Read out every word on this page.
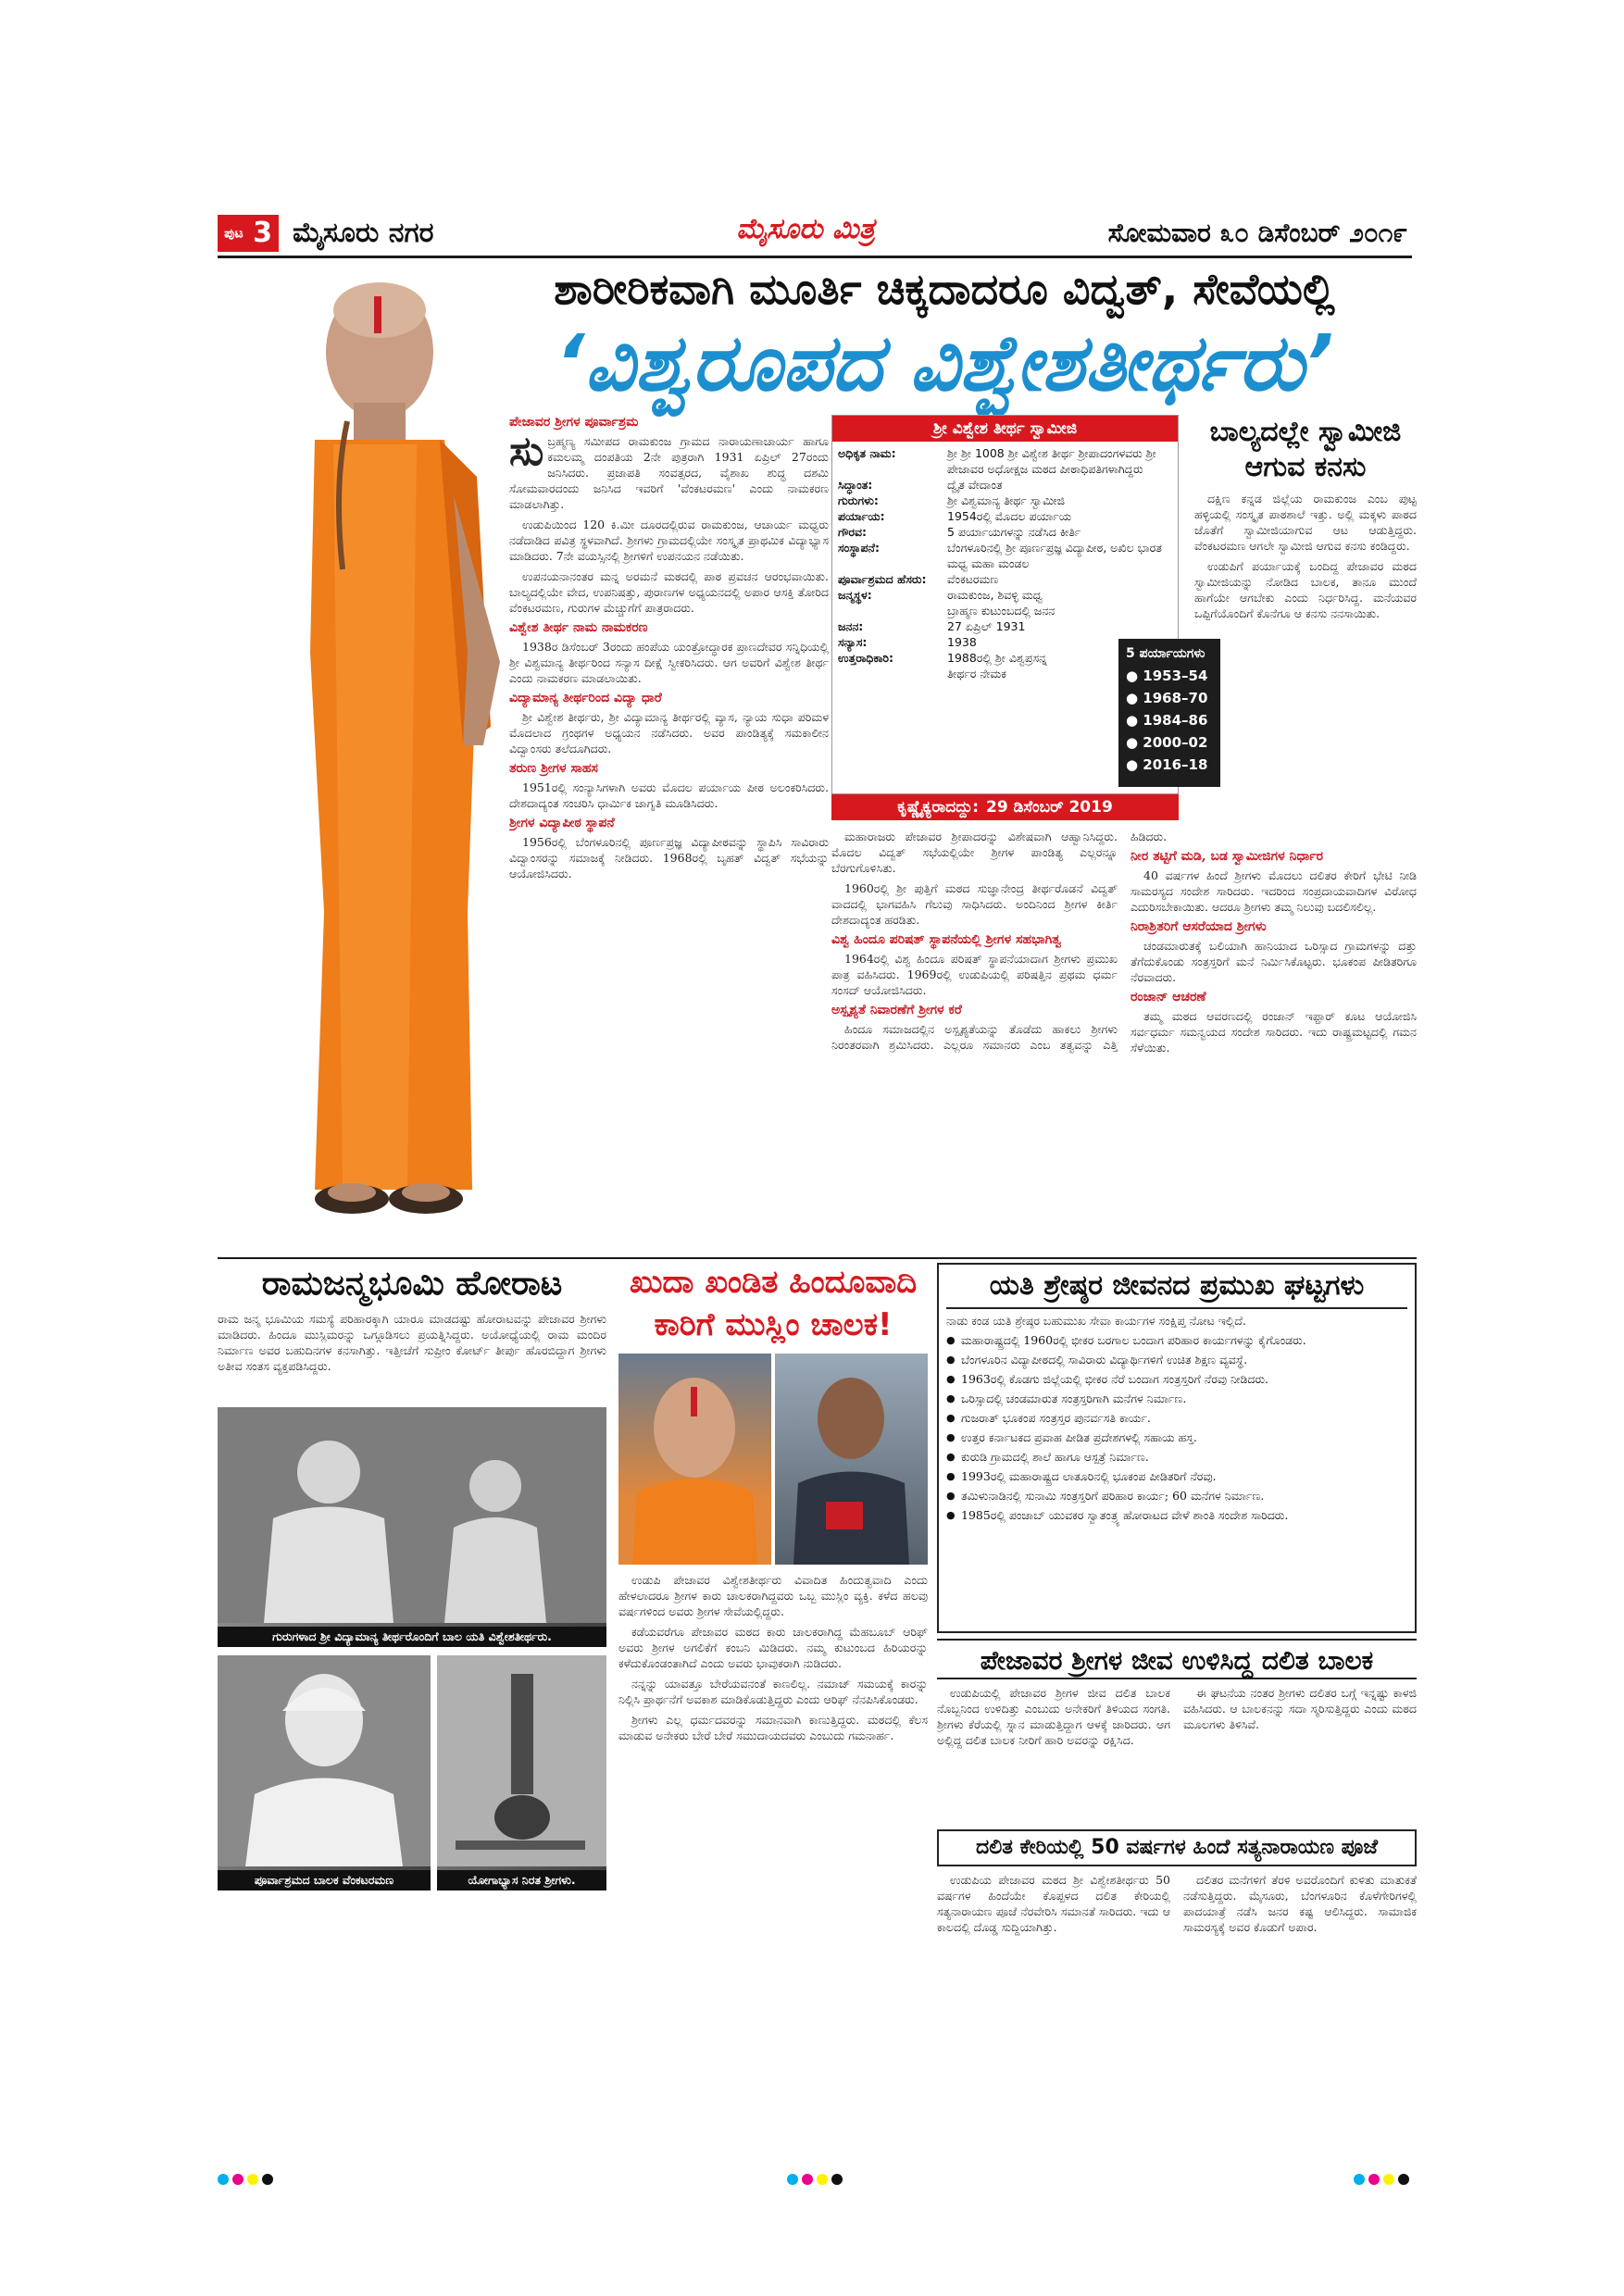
ಪುಟ 3 ಮೈಸೂರು ನಗರ	ಮೈಸೂರು ಮಿತ್ರ	ಸೋಮವಾರ ೩೦ ಡಿಸೆಂಬರ್ ೨೦೧೯
ಶಾರೀರಿಕವಾಗಿ ಮೂರ್ತಿ ಚಿಕ್ಕದಾದರೂ ವಿದ್ವತ್, ಸೇವೆಯಲ್ಲಿ
‘ವಿಶ್ವರೂಪದ ವಿಶ್ವೇಶತೀರ್ಥರು’
ಪೇಜಾವರ ಶ್ರೀಗಳ ಪೂರ್ವಾಶ್ರಮ

ಸುಬ್ರಹ್ಮಣ್ಯ ಸಮೀಪದ ರಾಮಕುಂಜ ಗ್ರಾಮದ ನಾರಾಯಣಾಚಾರ್ಯ ಹಾಗೂ ಕಮಲಮ್ಮ ದಂಪತಿಯ 2ನೇ ಪುತ್ರರಾಗಿ 1931 ಏಪ್ರಿಲ್ 27ರಂದು ಜನಿಸಿದರು. ಪ್ರಜಾಪತಿ ಸಂವತ್ಸರದ, ವೈಶಾಖ ಶುದ್ಧ ದಶಮಿ ಸೋಮವಾರದಂದು ಜನಿಸಿದ ಇವರಿಗೆ 'ವೆಂಕಟರಮಣ' ಎಂದು ನಾಮಕರಣ ಮಾಡಲಾಗಿತ್ತು.

ಉಡುಪಿಯಿಂದ 120 ಕಿ.ಮೀ ದೂರದಲ್ಲಿರುವ ರಾಮಕುಂಜ, ಆಚಾರ್ಯ ಮಧ್ವರು ನಡೆದಾಡಿದ ಪವಿತ್ರ ಸ್ಥಳವಾಗಿದೆ. ಶ್ರೀಗಳು ಗ್ರಾಮದಲ್ಲಿಯೇ ಸಂಸ್ಕೃತ ಪ್ರಾಥಮಿಕ ವಿದ್ಯಾಭ್ಯಾಸ ಮಾಡಿದರು. 7ನೇ ವಯಸ್ಸಿನಲ್ಲಿ ಶ್ರೀಗಳಿಗೆ ಉಪನಯನ ನಡೆಯಿತು.

ಉಪನಯನಾನಂತರ ಮನ್ನ ಅರಮನೆ ಮಠದಲ್ಲಿ ಪಾಠ ಪ್ರವಚನ ಆರಂಭವಾಯಿತು. ಬಾಲ್ಯದಲ್ಲಿಯೇ ವೇದ, ಉಪನಿಷತ್ತು, ಪುರಾಣಗಳ ಅಧ್ಯಯನದಲ್ಲಿ ಅಪಾರ ಆಸಕ್ತಿ ತೋರಿದ ವೆಂಕಟರಮಣ, ಗುರುಗಳ ಮೆಚ್ಚುಗೆಗೆ ಪಾತ್ರರಾದರು.

ವಿಶ್ವೇಶ ತೀರ್ಥ ನಾಮ ನಾಮಕರಣ

1938ರ ಡಿಸೆಂಬರ್ 3ರಂದು ಹಂಪೆಯ ಯಂತ್ರೋದ್ಧಾರಕ ಪ್ರಾಣದೇವರ ಸನ್ನಿಧಿಯಲ್ಲಿ ಶ್ರೀ ವಿಶ್ವಮಾನ್ಯ ತೀರ್ಥರಿಂದ ಸನ್ಯಾಸ ದೀಕ್ಷೆ ಸ್ವೀಕರಿಸಿದರು. ಆಗ ಅವರಿಗೆ ವಿಶ್ವೇಶ ತೀರ್ಥ ಎಂದು ನಾಮಕರಣ ಮಾಡಲಾಯಿತು.

ವಿದ್ಯಾಮಾನ್ಯ ತೀರ್ಥರಿಂದ ವಿದ್ಯಾ ಧಾರೆ

ಶ್ರೀ ವಿಶ್ವೇಶ ತೀರ್ಥರು, ಶ್ರೀ ವಿದ್ಯಾಮಾನ್ಯ ತೀರ್ಥರಲ್ಲಿ ವ್ಯಾಸ, ನ್ಯಾಯ ಸುಧಾ ಪರಿಮಳ ಮೊದಲಾದ ಗ್ರಂಥಗಳ ಅಧ್ಯಯನ ನಡೆಸಿದರು. ಅವರ ಪಾಂಡಿತ್ಯಕ್ಕೆ ಸಮಕಾಲೀನ ವಿದ್ವಾಂಸರು ತಲೆದೂಗಿದರು.

ತರುಣ ಶ್ರೀಗಳ ಸಾಹಸ

1951ರಲ್ಲಿ ಸಂನ್ಯಾಸಿಗಳಾಗಿ ಅವರು ಮೊದಲ ಪರ್ಯಾಯ ಪೀಠ ಅಲಂಕರಿಸಿದರು. ದೇಶದಾದ್ಯಂತ ಸಂಚರಿಸಿ ಧಾರ್ಮಿಕ ಜಾಗೃತಿ ಮೂಡಿಸಿದರು.

ಶ್ರೀಗಳ ವಿದ್ಯಾಪೀಠ ಸ್ಥಾಪನೆ

1956ರಲ್ಲಿ ಬೆಂಗಳೂರಿನಲ್ಲಿ ಪೂರ್ಣಪ್ರಜ್ಞ ವಿದ್ಯಾಪೀಠವನ್ನು ಸ್ಥಾಪಿಸಿ ಸಾವಿರಾರು ವಿದ್ವಾಂಸರನ್ನು ಸಮಾಜಕ್ಕೆ ನೀಡಿದರು. 1968ರಲ್ಲಿ ಬೃಹತ್ ವಿದ್ವತ್ ಸಭೆಯನ್ನು ಆಯೋಜಿಸಿದರು.

ಶ್ರೀ ವಿಶ್ವೇಶ ತೀರ್ಥ ಸ್ವಾಮೀಜಿ
ಅಧಿಕೃತ ನಾಮ:	ಶ್ರೀ ಶ್ರೀ 1008 ಶ್ರೀ ವಿಶ್ವೇಶ ತೀರ್ಥ ಶ್ರೀಪಾದಂಗಳವರು ಶ್ರೀ ಪೇಜಾವರ ಅಧೋಕ್ಷಜ ಮಠದ ಪೀಠಾಧಿಪತಿಗಳಾಗಿದ್ದರು
ಸಿದ್ಧಾಂತ:	ದ್ವೈತ ವೇದಾಂತ
ಗುರುಗಳು:	ಶ್ರೀ ವಿಶ್ವಮಾನ್ಯ ತೀರ್ಥ ಸ್ವಾಮೀಜಿ
ಪರ್ಯಾಯ:	1954ರಲ್ಲಿ ಮೊದಲ ಪರ್ಯಾಯ
ಗೌರವ:	5 ಪರ್ಯಾಯಗಳನ್ನು ನಡೆಸಿದ ಕೀರ್ತಿ
ಸಂಸ್ಥಾಪನೆ:	ಬೆಂಗಳೂರಿನಲ್ಲಿ ಶ್ರೀ ಪೂರ್ಣಪ್ರಜ್ಞ ವಿದ್ಯಾಪೀಠ, ಅಖಿಲ ಭಾರತ ಮಧ್ವ ಮಹಾ ಮಂಡಲ
ಪೂರ್ವಾಶ್ರಮದ ಹೆಸರು:	ವೆಂಕಟರಮಣ
ಜನ್ಮಸ್ಥಳ:	ರಾಮಕುಂಜ, ಶಿವಳ್ಳಿ ಮಧ್ವ ಬ್ರಾಹ್ಮಣ ಕುಟುಂಬದಲ್ಲಿ ಜನನ
ಜನನ:	27 ಏಪ್ರಿಲ್ 1931
ಸನ್ಯಾಸ:	1938
ಉತ್ತರಾಧಿಕಾರಿ:	1988ರಲ್ಲಿ ಶ್ರೀ ವಿಶ್ವಪ್ರಸನ್ನ ತೀರ್ಥರ ನೇಮಕ
ಕೃಷ್ಣೈಕ್ಯರಾದದ್ದು: 29 ಡಿಸೆಂಬರ್ 2019
5 ಪರ್ಯಾಯಗಳು
● 1953–54
● 1968–70
● 1984–86
● 2000–02
● 2016–18
ಬಾಲ್ಯದಲ್ಲೇ ಸ್ವಾಮೀಜಿ ಆಗುವ ಕನಸು

ದಕ್ಷಿಣ ಕನ್ನಡ ಜಿಲ್ಲೆಯ ರಾಮಕುಂಜ ಎಂಬ ಪುಟ್ಟ ಹಳ್ಳಿಯಲ್ಲಿ ಸಂಸ್ಕೃತ ಪಾಠಶಾಲೆ ಇತ್ತು. ಅಲ್ಲಿ ಮಕ್ಕಳು ಪಾಠದ ಜೊತೆಗೆ ಸ್ವಾಮೀಜಿಯಾಗುವ ಆಟ ಆಡುತ್ತಿದ್ದರು. ವೆಂಕಟರಮಣ ಆಗಲೇ ಸ್ವಾಮೀಜಿ ಆಗುವ ಕನಸು ಕಂಡಿದ್ದರು.

ಉಡುಪಿಗೆ ಪರ್ಯಾಯಕ್ಕೆ ಬಂದಿದ್ದ ಪೇಜಾವರ ಮಠದ ಸ್ವಾಮೀಜಿಯನ್ನು ನೋಡಿದ ಬಾಲಕ, ತಾನೂ ಮುಂದೆ ಹಾಗೆಯೇ ಆಗಬೇಕು ಎಂದು ನಿರ್ಧರಿಸಿದ್ದ. ಮನೆಯವರ ಒಪ್ಪಿಗೆಯೊಂದಿಗೆ ಕೊನೆಗೂ ಆ ಕನಸು ನನಸಾಯಿತು.

ಮಹಾರಾಜರು ಪೇಜಾವರ ಶ್ರೀಪಾದರನ್ನು ವಿಶೇಷವಾಗಿ ಆಹ್ವಾನಿಸಿದ್ದರು. ಮೊದಲ ವಿದ್ವತ್ ಸಭೆಯಲ್ಲಿಯೇ ಶ್ರೀಗಳ ಪಾಂಡಿತ್ಯ ಎಲ್ಲರನ್ನೂ ಬೆರಗುಗೊಳಿಸಿತು.

1960ರಲ್ಲಿ ಶ್ರೀ ಪುತ್ತಿಗೆ ಮಠದ ಸುಜ್ಞಾನೇಂದ್ರ ತೀರ್ಥರೊಡನೆ ವಿದ್ವತ್ ವಾದದಲ್ಲಿ ಭಾಗವಹಿಸಿ ಗೆಲುವು ಸಾಧಿಸಿದರು. ಅಂದಿನಿಂದ ಶ್ರೀಗಳ ಕೀರ್ತಿ ದೇಶದಾದ್ಯಂತ ಹರಡಿತು.

ವಿಶ್ವ ಹಿಂದೂ ಪರಿಷತ್ ಸ್ಥಾಪನೆಯಲ್ಲಿ ಶ್ರೀಗಳ ಸಹಭಾಗಿತ್ವ

1964ರಲ್ಲಿ ವಿಶ್ವ ಹಿಂದೂ ಪರಿಷತ್ ಸ್ಥಾಪನೆಯಾದಾಗ ಶ್ರೀಗಳು ಪ್ರಮುಖ ಪಾತ್ರ ವಹಿಸಿದರು. 1969ರಲ್ಲಿ ಉಡುಪಿಯಲ್ಲಿ ಪರಿಷತ್ತಿನ ಪ್ರಥಮ ಧರ್ಮ ಸಂಸದ್ ಆಯೋಜಿಸಿದರು.

ಅಸ್ಪೃಶ್ಯತೆ ನಿವಾರಣೆಗೆ ಶ್ರೀಗಳ ಕರೆ

ಹಿಂದೂ ಸಮಾಜದಲ್ಲಿನ ಅಸ್ಪೃಶ್ಯತೆಯನ್ನು ತೊಡೆದು ಹಾಕಲು ಶ್ರೀಗಳು ನಿರಂತರವಾಗಿ ಶ್ರಮಿಸಿದರು. ಎಲ್ಲರೂ ಸಮಾನರು ಎಂಬ ತತ್ವವನ್ನು ಎತ್ತಿ ಹಿಡಿದರು.

ನೀರ ತಟ್ಟಿಗೆ ಮಡಿ, ಬಡ ಸ್ವಾಮೀಜಿಗಳ ನಿರ್ಧಾರ

40 ವರ್ಷಗಳ ಹಿಂದೆ ಶ್ರೀಗಳು ಮೊದಲು ದಲಿತರ ಕೇರಿಗೆ ಭೇಟಿ ನೀಡಿ ಸಾಮರಸ್ಯದ ಸಂದೇಶ ಸಾರಿದರು. ಇದರಿಂದ ಸಂಪ್ರದಾಯವಾದಿಗಳ ವಿರೋಧ ಎದುರಿಸಬೇಕಾಯಿತು. ಆದರೂ ಶ್ರೀಗಳು ತಮ್ಮ ನಿಲುವು ಬದಲಿಸಲಿಲ್ಲ.

ನಿರಾಶ್ರಿತರಿಗೆ ಆಸರೆಯಾದ ಶ್ರೀಗಳು

ಚಂಡಮಾರುತಕ್ಕೆ ಬಲಿಯಾಗಿ ಹಾನಿಯಾದ ಒರಿಸ್ಸಾದ ಗ್ರಾಮಗಳನ್ನು ದತ್ತು ತೆಗೆದುಕೊಂಡು ಸಂತ್ರಸ್ತರಿಗೆ ಮನೆ ನಿರ್ಮಿಸಿಕೊಟ್ಟರು. ಭೂಕಂಪ ಪೀಡಿತರಿಗೂ ನೆರವಾದರು.

ರಂಜಾನ್ ಆಚರಣೆ

ತಮ್ಮ ಮಠದ ಆವರಣದಲ್ಲಿ ರಂಜಾನ್ ಇಫ್ತಾರ್ ಕೂಟ ಆಯೋಜಿಸಿ ಸರ್ವಧರ್ಮ ಸಮನ್ವಯದ ಸಂದೇಶ ಸಾರಿದರು. ಇದು ರಾಷ್ಟ್ರಮಟ್ಟದಲ್ಲಿ ಗಮನ ಸೆಳೆಯಿತು.

ರಾಮಜನ್ಮಭೂಮಿ ಹೋರಾಟ

ರಾಮ ಜನ್ಮ ಭೂಮಿಯ ಸಮಸ್ಯೆ ಪರಿಹಾರಕ್ಕಾಗಿ ಯಾರೂ ಮಾಡದಷ್ಟು ಹೋರಾಟವನ್ನು ಪೇಜಾವರ ಶ್ರೀಗಳು ಮಾಡಿದರು. ಹಿಂದೂ ಮುಸ್ಲಿಮರನ್ನು ಒಗ್ಗೂಡಿಸಲು ಪ್ರಯತ್ನಿಸಿದ್ದರು. ಅಯೋಧ್ಯೆಯಲ್ಲಿ ರಾಮ ಮಂದಿರ ನಿರ್ಮಾಣ ಅವರ ಬಹುದಿನಗಳ ಕನಸಾಗಿತ್ತು. ಇತ್ತೀಚೆಗೆ ಸುಪ್ರೀಂ ಕೋರ್ಟ್ ತೀರ್ಪು ಹೊರಬಿದ್ದಾಗ ಶ್ರೀಗಳು ಅತೀವ ಸಂತಸ ವ್ಯಕ್ತಪಡಿಸಿದ್ದರು.

ಗುರುಗಳಾದ ಶ್ರೀ ವಿದ್ಯಾಮಾನ್ಯ ತೀರ್ಥರೊಂದಿಗೆ ಬಾಲ ಯತಿ ವಿಶ್ವೇಶತೀರ್ಥರು.
ಪೂರ್ವಾಶ್ರಮದ ಬಾಲಕ ವೆಂಕಟರಮಣ	ಯೋಗಾಭ್ಯಾಸ ನಿರತ ಶ್ರೀಗಳು.
ಖುದಾ ಖಂಡಿತ ಹಿಂದೂವಾದಿ ಕಾರಿಗೆ ಮುಸ್ಲಿಂ ಚಾಲಕ!

ಉಡುಪಿ ಪೇಜಾವರ ವಿಶ್ವೇಶತೀರ್ಥರು ವಿವಾದಿತ ಹಿಂದುತ್ವವಾದಿ ಎಂದು ಹೇಳಲಾದರೂ ಶ್ರೀಗಳ ಕಾರು ಚಾಲಕರಾಗಿದ್ದವರು ಒಬ್ಬ ಮುಸ್ಲಿಂ ವ್ಯಕ್ತಿ. ಕಳೆದ ಹಲವು ವರ್ಷಗಳಿಂದ ಅವರು ಶ್ರೀಗಳ ಸೇವೆಯಲ್ಲಿದ್ದರು.

ಕಡೆಯವರೆಗೂ ಪೇಜಾವರ ಮಠದ ಕಾರು ಚಾಲಕರಾಗಿದ್ದ ಮೆಹಬೂಬ್ ಆರಿಫ್ ಅವರು ಶ್ರೀಗಳ ಅಗಲಿಕೆಗೆ ಕಂಬನಿ ಮಿಡಿದರು. ನಮ್ಮ ಕುಟುಂಬದ ಹಿರಿಯರನ್ನು ಕಳೆದುಕೊಂಡಂತಾಗಿದೆ ಎಂದು ಅವರು ಭಾವುಕರಾಗಿ ನುಡಿದರು.

ನನ್ನನ್ನು ಯಾವತ್ತೂ ಬೇರೆಯವನಂತೆ ಕಾಣಲಿಲ್ಲ. ನಮಾಜ್ ಸಮಯಕ್ಕೆ ಕಾರನ್ನು ನಿಲ್ಲಿಸಿ ಪ್ರಾರ್ಥನೆಗೆ ಅವಕಾಶ ಮಾಡಿಕೊಡುತ್ತಿದ್ದರು ಎಂದು ಆರಿಫ್ ನೆನಪಿಸಿಕೊಂಡರು.

ಶ್ರೀಗಳು ಎಲ್ಲ ಧರ್ಮದವರನ್ನು ಸಮಾನವಾಗಿ ಕಾಣುತ್ತಿದ್ದರು. ಮಠದಲ್ಲಿ ಕೆಲಸ ಮಾಡುವ ಅನೇಕರು ಬೇರೆ ಬೇರೆ ಸಮುದಾಯದವರು ಎಂಬುದು ಗಮನಾರ್ಹ.

ಯತಿ ಶ್ರೇಷ್ಠರ ಜೀವನದ ಪ್ರಮುಖ ಘಟ್ಟಗಳು
ನಾಡು ಕಂಡ ಯತಿ ಶ್ರೇಷ್ಠರ ಬಹುಮುಖ ಸೇವಾ ಕಾರ್ಯಗಳ ಸಂಕ್ಷಿಪ್ತ ನೋಟ ಇಲ್ಲಿದೆ.
● ಮಹಾರಾಷ್ಟ್ರದಲ್ಲಿ 1960ರಲ್ಲಿ ಭೀಕರ ಬರಗಾಲ ಬಂದಾಗ ಪರಿಹಾರ ಕಾರ್ಯಗಳನ್ನು ಕೈಗೊಂಡರು.
● ಬೆಂಗಳೂರಿನ ವಿದ್ಯಾಪೀಠದಲ್ಲಿ ಸಾವಿರಾರು ವಿದ್ಯಾರ್ಥಿಗಳಿಗೆ ಉಚಿತ ಶಿಕ್ಷಣ ವ್ಯವಸ್ಥೆ.
● 1963ರಲ್ಲಿ ಕೊಡಗು ಜಿಲ್ಲೆಯಲ್ಲಿ ಭೀಕರ ನೆರೆ ಬಂದಾಗ ಸಂತ್ರಸ್ತರಿಗೆ ನೆರವು ನೀಡಿದರು.
● ಒರಿಸ್ಸಾದಲ್ಲಿ ಚಂಡಮಾರುತ ಸಂತ್ರಸ್ತರಿಗಾಗಿ ಮನೆಗಳ ನಿರ್ಮಾಣ.
● ಗುಜರಾತ್ ಭೂಕಂಪ ಸಂತ್ರಸ್ತರ ಪುನರ್ವಸತಿ ಕಾರ್ಯ.
● ಉತ್ತರ ಕರ್ನಾಟಕದ ಪ್ರವಾಹ ಪೀಡಿತ ಪ್ರದೇಶಗಳಲ್ಲಿ ಸಹಾಯ ಹಸ್ತ.
● ಕುರುಡಿ ಗ್ರಾಮದಲ್ಲಿ ಶಾಲೆ ಹಾಗೂ ಆಸ್ಪತ್ರೆ ನಿರ್ಮಾಣ.
● 1993ರಲ್ಲಿ ಮಹಾರಾಷ್ಟ್ರದ ಲಾತೂರಿನಲ್ಲಿ ಭೂಕಂಪ ಪೀಡಿತರಿಗೆ ನೆರವು.
● ತಮಿಳುನಾಡಿನಲ್ಲಿ ಸುನಾಮಿ ಸಂತ್ರಸ್ತರಿಗೆ ಪರಿಹಾರ ಕಾರ್ಯ; 60 ಮನೆಗಳ ನಿರ್ಮಾಣ.
● 1985ರಲ್ಲಿ ಪಂಜಾಬ್ ಯುವಕರ ಸ್ವಾತಂತ್ರ್ಯ ಹೋರಾಟದ ವೇಳೆ ಶಾಂತಿ ಸಂದೇಶ ಸಾರಿದರು.
ಪೇಜಾವರ ಶ್ರೀಗಳ ಜೀವ ಉಳಿಸಿದ್ದ ದಲಿತ ಬಾಲಕ

ಉಡುಪಿಯಲ್ಲಿ ಪೇಜಾವರ ಶ್ರೀಗಳ ಜೀವ ದಲಿತ ಬಾಲಕ ನೊಬ್ಬನಿಂದ ಉಳಿದಿತ್ತು ಎಂಬುದು ಅನೇಕರಿಗೆ ತಿಳಿಯದ ಸಂಗತಿ. ಶ್ರೀಗಳು ಕೆರೆಯಲ್ಲಿ ಸ್ನಾನ ಮಾಡುತ್ತಿದ್ದಾಗ ಆಳಕ್ಕೆ ಜಾರಿದರು. ಆಗ ಅಲ್ಲಿದ್ದ ದಲಿತ ಬಾಲಕ ನೀರಿಗೆ ಹಾರಿ ಅವರನ್ನು ರಕ್ಷಿಸಿದ.

ಈ ಘಟನೆಯ ನಂತರ ಶ್ರೀಗಳು ದಲಿತರ ಬಗ್ಗೆ ಇನ್ನಷ್ಟು ಕಾಳಜಿ ವಹಿಸಿದರು. ಆ ಬಾಲಕನನ್ನು ಸದಾ ಸ್ಮರಿಸುತ್ತಿದ್ದರು ಎಂದು ಮಠದ ಮೂಲಗಳು ತಿಳಿಸಿವೆ.

ದಲಿತ ಕೇರಿಯಲ್ಲಿ 50 ವರ್ಷಗಳ ಹಿಂದೆ ಸತ್ಯನಾರಾಯಣ ಪೂಜೆ

ಉಡುಪಿಯ ಪೇಜಾವರ ಮಠದ ಶ್ರೀ ವಿಶ್ವೇಶತೀರ್ಥರು 50 ವರ್ಷಗಳ ಹಿಂದೆಯೇ ಕೊಪ್ಪಳದ ದಲಿತ ಕೇರಿಯಲ್ಲಿ ಸತ್ಯನಾರಾಯಣ ಪೂಜೆ ನೆರವೇರಿಸಿ ಸಮಾನತೆ ಸಾರಿದರು. ಇದು ಆ ಕಾಲದಲ್ಲಿ ದೊಡ್ಡ ಸುದ್ದಿಯಾಗಿತ್ತು.

ದಲಿತರ ಮನೆಗಳಿಗೆ ತೆರಳಿ ಅವರೊಂದಿಗೆ ಕುಳಿತು ಮಾತುಕತೆ ನಡೆಸುತ್ತಿದ್ದರು. ಮೈಸೂರು, ಬೆಂಗಳೂರಿನ ಕೊಳೆಗೇರಿಗಳಲ್ಲಿ ಪಾದಯಾತ್ರೆ ನಡೆಸಿ ಜನರ ಕಷ್ಟ ಆಲಿಸಿದ್ದರು. ಸಾಮಾಜಿಕ ಸಾಮರಸ್ಯಕ್ಕೆ ಅವರ ಕೊಡುಗೆ ಅಪಾರ.
